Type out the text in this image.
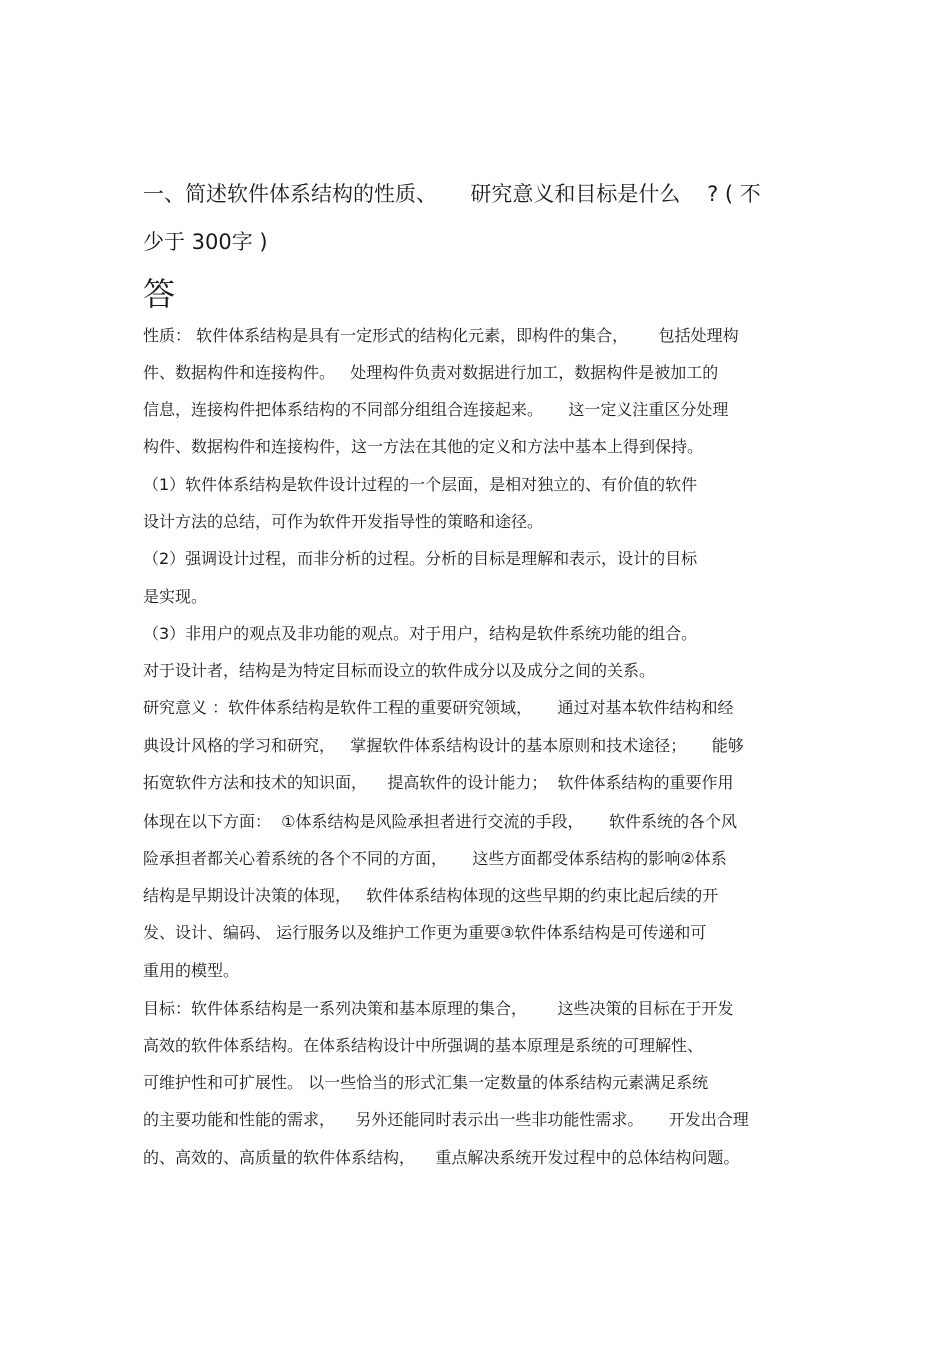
一、简述软件体系结构的性质、     研究意义和目标是什么    ? ( 不
少于 300字 )
答
性质： 软件体系结构是具有一定形式的结构化元素，即构件的集合，      包括处理构
件、数据构件和连接构件。   处理构件负责对数据进行加工，数据构件是被加工的
信息，连接构件把体系结构的不同部分组组合连接起来。     这一定义注重区分处理
构件、数据构件和连接构件，这一方法在其他的定义和方法中基本上得到保持。
（1）软件体系结构是软件设计过程的一个层面，是相对独立的、有价值的软件
设计方法的总结，可作为软件开发指导性的策略和途径。
（2）强调设计过程，而非分析的过程。分析的目标是理解和表示，设计的目标
是实现。
（3）非用户的观点及非功能的观点。对于用户，结构是软件系统功能的组合。
对于设计者，结构是为特定目标而设立的软件成分以及成分之间的关系。
研究意义 ：软件体系结构是软件工程的重要研究领域，     通过对基本软件结构和经
典设计风格的学习和研究，   掌握软件体系结构设计的基本原则和技术途径；     能够
拓宽软件方法和技术的知识面，    提高软件的设计能力；  软件体系结构的重要作用
体现在以下方面：  ①体系结构是风险承担者进行交流的手段，     软件系统的各个风
险承担者都关心着系统的各个不同的方面，     这些方面都受体系结构的影响②体系
结构是早期设计决策的体现，   软件体系结构体现的这些早期的约束比起后续的开
发、设计、编码、 运行服务以及维护工作更为重要③软件体系结构是可传递和可
重用的模型。
目标：软件体系结构是一系列决策和基本原理的集合，      这些决策的目标在于开发
高效的软件体系结构。在体系结构设计中所强调的基本原理是系统的可理解性、
可维护性和可扩展性。 以一些恰当的形式汇集一定数量的体系结构元素满足系统
的主要功能和性能的需求，    另外还能同时表示出一些非功能性需求。     开发出合理
的、高效的、高质量的软件体系结构，    重点解决系统开发过程中的总体结构问题。
